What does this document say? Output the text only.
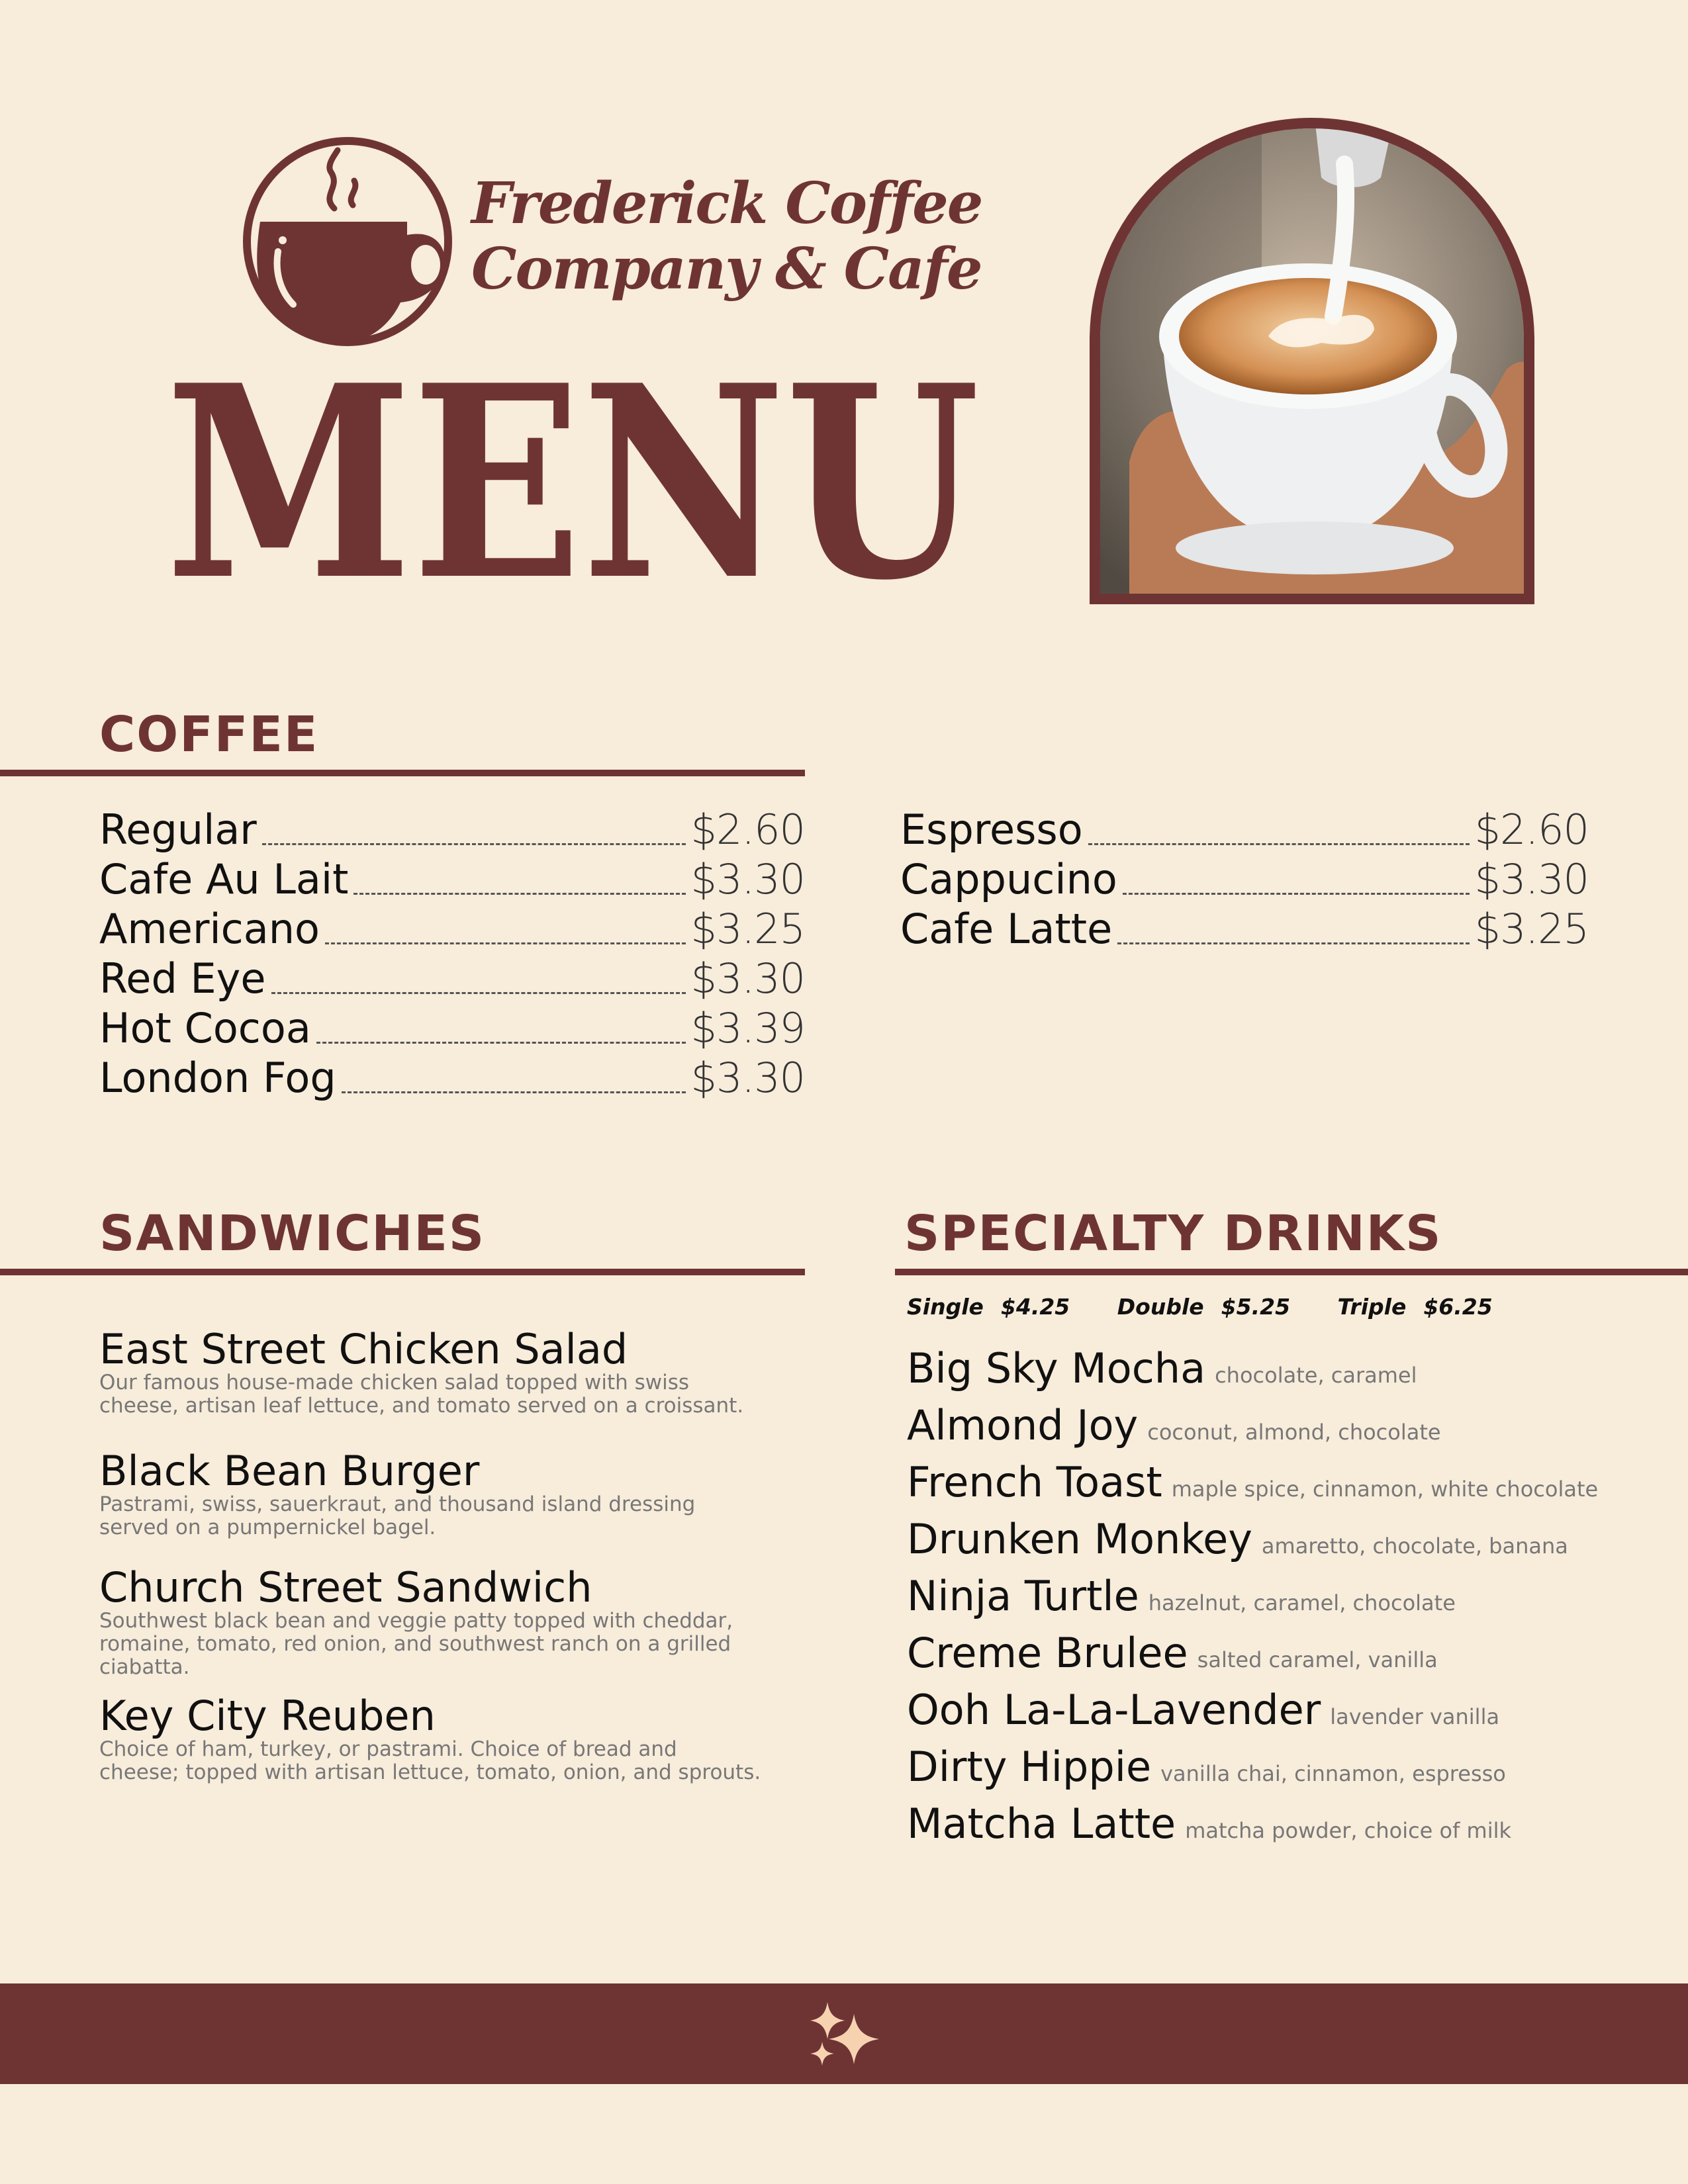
Frederick Coffee
Company & Cafe
MENU
COFFEE
Regular	$2.60
Cafe Au Lait	$3.30
Americano	$3.25
Red Eye	$3.30
Hot Cocoa	$3.39
London Fog	$3.30
Espresso	$2.60
Cappucino	$3.30
Cafe Latte	$3.25
SANDWICHES
East Street Chicken Salad
Our famous house-made chicken salad topped with swiss cheese, artisan leaf lettuce, and tomato served on a croissant.
Black Bean Burger
Pastrami, swiss, sauerkraut, and thousand island dressing served on a pumpernickel bagel.
Church Street Sandwich
Southwest black bean and veggie patty topped with cheddar, romaine, tomato, red onion, and southwest ranch on a grilled ciabatta.
Key City Reuben
Choice of ham, turkey, or pastrami. Choice of bread and cheese; topped with artisan lettuce, tomato, onion, and sprouts.
SPECIALTY DRINKS
Single $4.25 Double $5.25 Triple $6.25
Big Sky Mocha chocolate, caramel
Almond Joy coconut, almond, chocolate
French Toast maple spice, cinnamon, white chocolate
Drunken Monkey amaretto, chocolate, banana
Ninja Turtle hazelnut, caramel, chocolate
Creme Brulee salted caramel, vanilla
Ooh La-La-Lavender lavender vanilla
Dirty Hippie vanilla chai, cinnamon, espresso
Matcha Latte matcha powder, choice of milk
